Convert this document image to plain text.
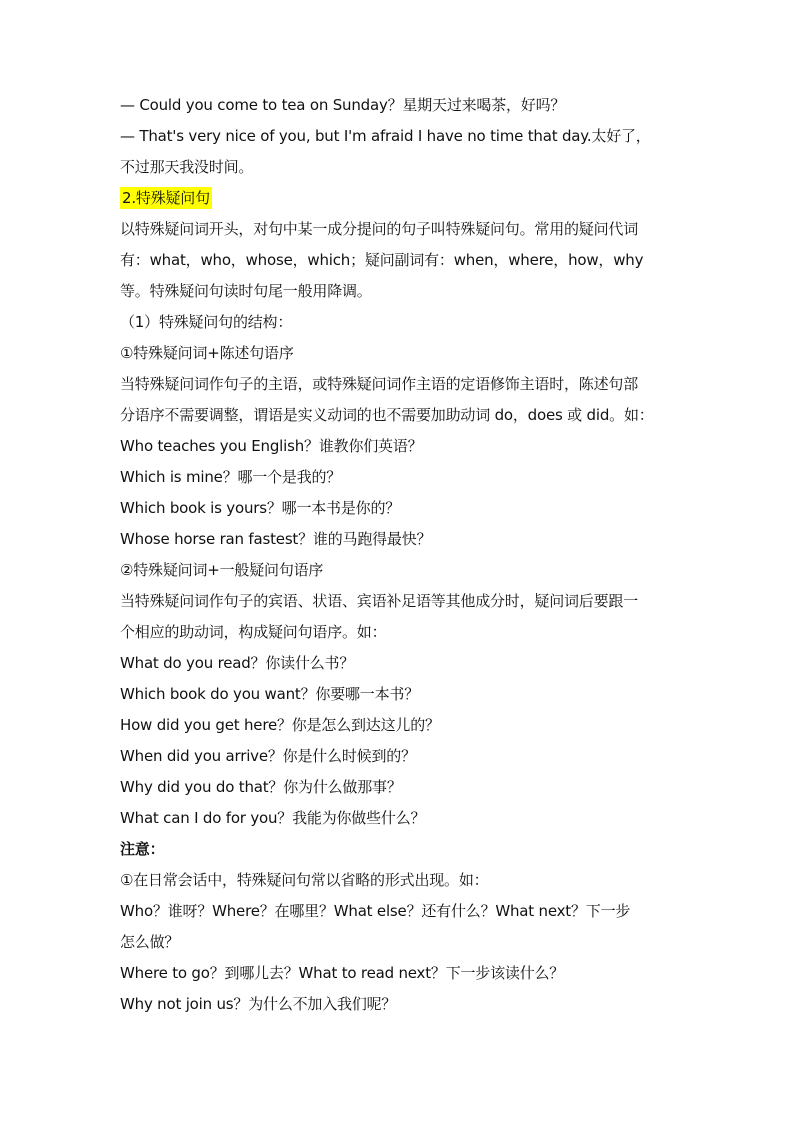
— Could you come to tea on Sunday？星期天过来喝茶，好吗？
— That's very nice of you, but I'm afraid I have no time that day.太好了，
不过那天我没时间。
2.特殊疑问句
以特殊疑问词开头，对句中某一成分提问的句子叫特殊疑问句。常用的疑问代词
有：what，who，whose，which；疑问副词有：when，where，how，why
等。特殊疑问句读时句尾一般用降调。
（1）特殊疑问句的结构：
①特殊疑问词+陈述句语序
当特殊疑问词作句子的主语，或特殊疑问词作主语的定语修饰主语时，陈述句部
分语序不需要调整，谓语是实义动词的也不需要加助动词 do，does 或 did。如：
Who teaches you English？谁教你们英语？
Which is mine？哪一个是我的？
Which book is yours？哪一本书是你的？
Whose horse ran fastest？谁的马跑得最快？
②特殊疑问词+一般疑问句语序
当特殊疑问词作句子的宾语、状语、宾语补足语等其他成分时，疑问词后要跟一
个相应的助动词，构成疑问句语序。如：
What do you read？你读什么书？
Which book do you want？你要哪一本书？
How did you get here？你是怎么到达这儿的？
When did you arrive？你是什么时候到的？
Why did you do that？你为什么做那事？
What can I do for you？我能为你做些什么？
注意：
①在日常会话中，特殊疑问句常以省略的形式出现。如：
Who？谁呀？Where？在哪里？What else？还有什么？What next？下一步
怎么做？
Where to go？到哪儿去？What to read next？下一步该读什么？
Why not join us？为什么不加入我们呢？
